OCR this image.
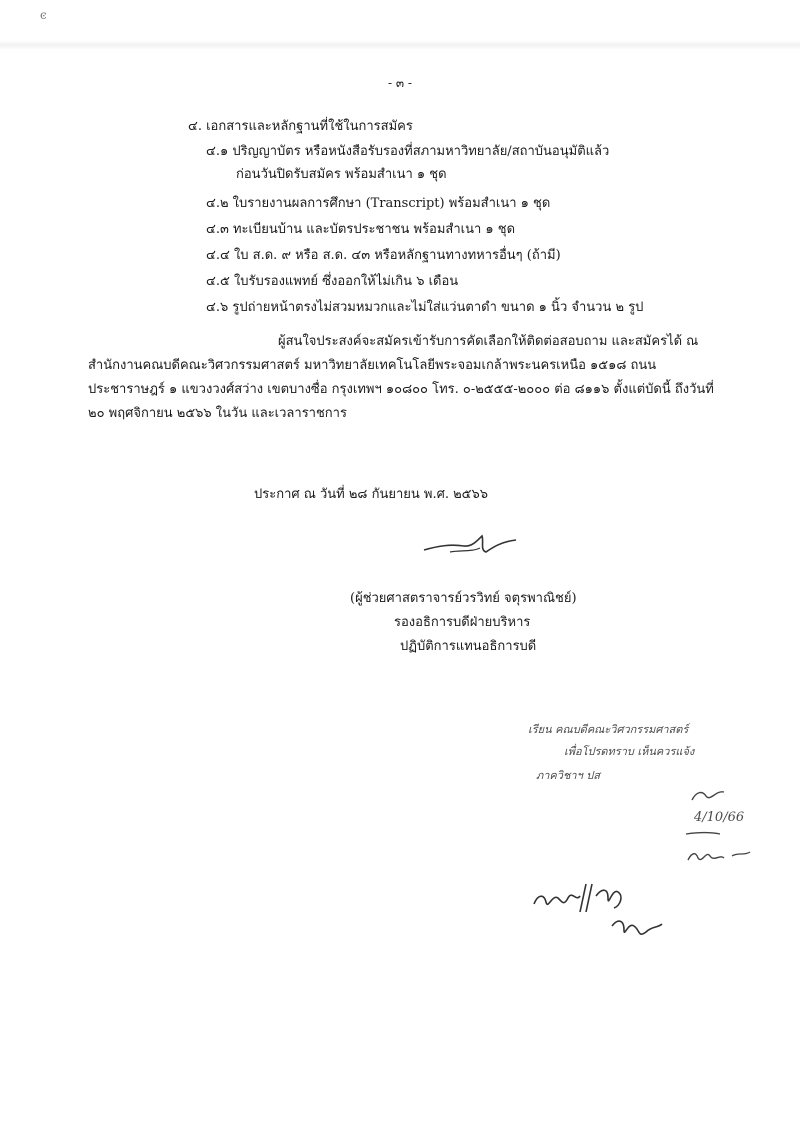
ͼ
- ๓ -
๔. เอกสารและหลักฐานที่ใช้ในการสมัคร
๔.๑ ปริญญาบัตร หรือหนังสือรับรองที่สภามหาวิทยาลัย/สถาบันอนุมัติแล้ว
ก่อนวันปิดรับสมัคร พร้อมสำเนา ๑ ชุด
๔.๒ ใบรายงานผลการศึกษา (Transcript) พร้อมสำเนา ๑ ชุด
๔.๓ ทะเบียนบ้าน และบัตรประชาชน พร้อมสำเนา ๑ ชุด
๔.๔ ใบ ส.ด. ๙ หรือ ส.ด. ๔๓ หรือหลักฐานทางทหารอื่นๆ (ถ้ามี)
๔.๕ ใบรับรองแพทย์ ซึ่งออกให้ไม่เกิน ๖ เดือน
๔.๖ รูปถ่ายหน้าตรงไม่สวมหมวกและไม่ใส่แว่นตาดำ ขนาด ๑ นิ้ว จำนวน ๒ รูป
ผู้สนใจประสงค์จะสมัครเข้ารับการคัดเลือกให้ติดต่อสอบถาม และสมัครได้ ณ สำนักงานคณบดีคณะวิศวกรรมศาสตร์ มหาวิทยาลัยเทคโนโลยีพระจอมเกล้าพระนครเหนือ ๑๕๑๘ ถนนประชาราษฎร์ ๑ แขวงวงศ์สว่าง เขตบางซื่อ กรุงเทพฯ ๑๐๘๐๐ โทร. ๐-๒๕๕๕-๒๐๐๐ ต่อ ๘๑๑๖ ตั้งแต่บัดนี้ ถึงวันที่ ๒๐ พฤศจิกายน ๒๕๖๖ ในวัน และเวลาราชการ
ประกาศ ณ วันที่ ๒๘ กันยายน พ.ศ. ๒๕๖๖
(ผู้ช่วยศาสตราจารย์วรวิทย์ จตุรพาณิชย์)
รองอธิการบดีฝ่ายบริหาร
ปฏิบัติการแทนอธิการบดี
เรียน คณบดีคณะวิศวกรรมศาสตร์
เพื่อโปรดทราบ เห็นควรแจ้ง
ภาควิชาฯ ปส
4/10/66
